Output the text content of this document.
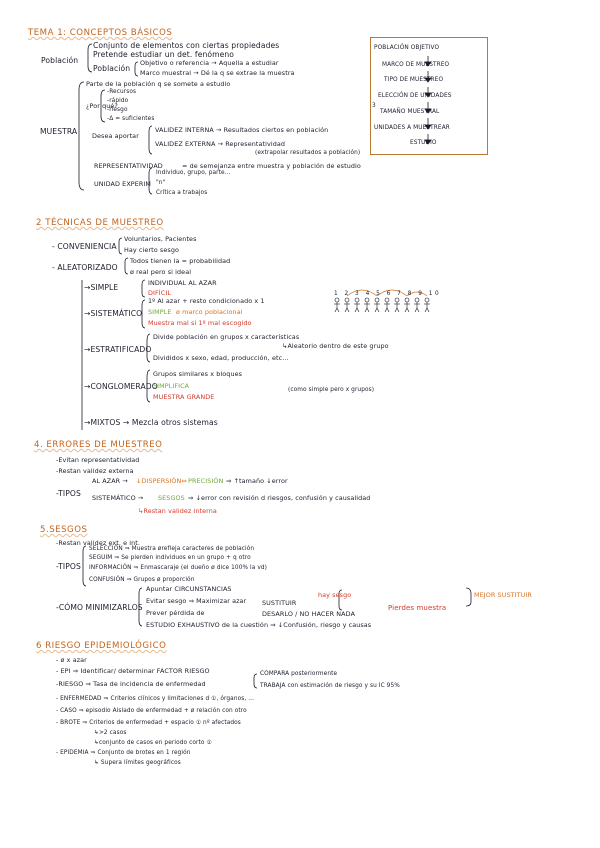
TEMA 1: CONCEPTOS BÁSICOS
Población
Conjunto de elementos con ciertas propiedades
Pretende estudiar un det. fenómeno
Población
Objetivo o referencia → Aquella a estudiar
Marco muestral → Dé la q se extrae la muestra
MUESTRA
Parte de la población q se somete a estudio
¿Por qué?
-Recursos
-rápido
-riesgo
-Δ = suficientes
Desea aportar
VALIDEZ INTERNA → Resultados ciertos en población
VALIDEZ EXTERNA → Representatividad
(extrapolar resultados a población)
REPRESENTATIVIDAD	= de semejanza entre muestra y población de estudio
UNIDAD EXPERIM
Individuo, grupo, parte...
"n"
Crítica a trabajos
POBLACIÓN OBJETIVO
MARCO DE MUESTREO
TIPO DE MUESTREO
ELECCIÓN DE UNIDADES
3
TAMAÑO MUESTRAL
UNIDADES A MUESTREAR
ESTUDIO
2 TÉCNICAS DE MUESTREO
- CONVENIENCIA
Voluntarios, Pacientes
Hay cierto sesgo
- ALEATORIZADO
Todos tienen la = probabilidad
ø real pero si ideal
→SIMPLE	INDIVIDUAL AL AZAR
DIFÍCIL
→SISTEMÁTICO
1º Al azar + resto condicionado x 1
SIMPLE ø marco poblacional
Muestra mal si 1º mal escogido
1 2 3 4 5 6 7 8 9 10
→ESTRATIFICADO
Divide población en grupos x características
↳Aleatorio dentro de este grupo
Divididos x sexo, edad, producción, etc...
→CONGLOMERADO
Grupos similares x bloques
SIMPLIFICA
MUESTRA GRANDE
(como simple pero x grupos)
→MIXTOS → Mezcla otros sistemas
4. ERRORES DE MUESTREO
-Evitan representatividad
-Restan validez externa
-TIPOS
AL AZAR → ↓DISPERSIÓN⇔ PRECISIÓN ⇒ ↑tamaño ↓error
SISTEMÁTICO → SESGOS ⇒ ↓error con revisión d riesgos, confusión y causalidad
↳Restan validez interna
5.SESGOS
-Restan validez ext. e int.
-TIPOS
SELECCIÓN ⇒ Muestra ørefleja caracteres de población
SEGUIM ⇒ Se pierden individuos en un grupo + q otro
INFORMACIÓN ⇒ Enmascaraje (el dueño ø dice 100% la vd)
CONFUSIÓN ⇒ Grupos ø proporción
-CÓMO MINIMIZARLOS
Apuntar CIRCUNSTANCIAS
Evitar sesgo ⇒ Maximizar azar
hay sesgo
Prever pérdida de
SUSTITUIR
DESARLO / NO HACER NADA
Pierdes muestra
MEJOR SUSTITUIR
ESTUDIO EXHAUSTIVO de la cuestión ⇒ ↓Confusión, riesgo y causas
6 RIESGO EPIDEMIOLÓGICO
- ø x azar
- EPI ⇒ Identificar/ determinar FACTOR RIESGO
-RIESGO ⇒ Tasa de incidencia de enfermedad
COMPARA posteriormente
TRABAJA con estimación de riesgo y su IC 95%
- ENFERMEDAD ⇒ Criterios clínicos y limitaciones d ①, órganos, ...
- CASO ⇒ episodio Aislado de enfermedad + ø relación con otro
- BROTE ⇒ Criterios de enfermedad + espacio ① nº afectados
↳>2 casos
↳conjunto de casos en periodo corto ①
- EPIDEMIA ⇒ Conjunto de brotes en 1 región
↳ Supera límites geográficos
